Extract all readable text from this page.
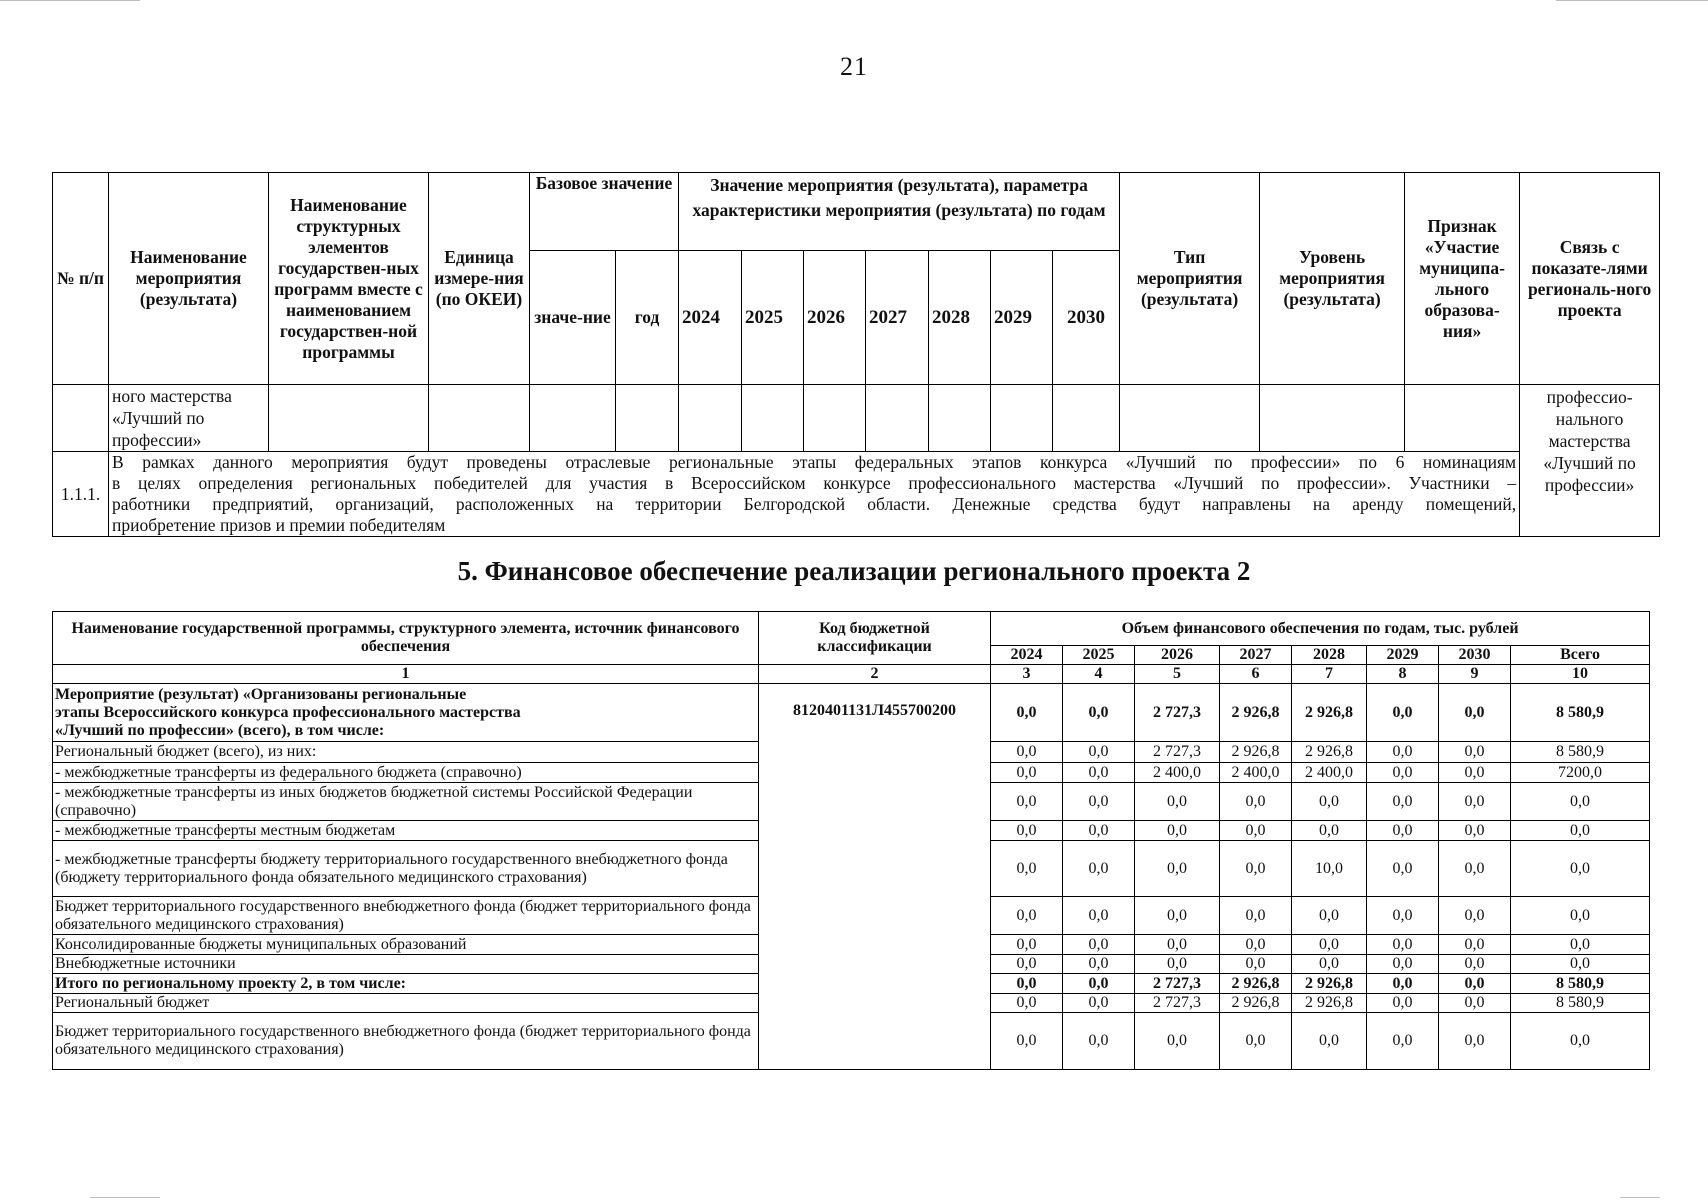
21
№ п/п	Наименование мероприятия (результата)	Наименование структурных элементов государствен-ных программ вместе с наименованием государствен-ной программы	Единица измере-ния (по ОКЕИ)	Базовое значение		Значение мероприятия (результата), параметра характеристики мероприятия (результата) по годам							Тип мероприятия (результата)	Уровень мероприятия (результата)	Признак «Участие муниципа-льного образова-ния»	Связь с показате-лями региональ-ного проекта
				значе-ние	год	2024	2025	2026	2027	2028	2029	2030				
	ного мастерства «Лучший по профессии»															профессио-нального мастерства «Лучший по профессии»
1.1.1.	В рамках данного мероприятия будут проведены отраслевые региональные этапы федеральных этапов конкурса «Лучший по профессии» по 6 номинациям
в целях определения региональных победителей для участия в Всероссийском конкурсе профессионального мастерства «Лучший по профессии». Участники –
работники предприятий, организаций, расположенных на территории Белгородской области. Денежные средства будут направлены на аренду помещений,
приобретение призов и премии победителям															
5. Финансовое обеспечение реализации регионального проекта 2
Наименование государственной программы, структурного элемента, источник финансового обеспечения	Код бюджетной классификации	Объем финансового обеспечения по годам, тыс. рублей							
		2024	2025	2026	2027	2028	2029	2030	Всего
1	2	3	4	5	6	7	8	9	10
Мероприятие (результат) «Организованы региональные
этапы Всероссийского конкурса профессионального мастерства
«Лучший по профессии» (всего), в том числе:	8120401131Л455700200	0,0	0,0	2 727,3	2 926,8	2 926,8	0,0	0,0	8 580,9
Региональный бюджет (всего), из них:		0,0	0,0	2 727,3	2 926,8	2 926,8	0,0	0,0	8 580,9
- межбюджетные трансферты из федерального бюджета (справочно)		0,0	0,0	2 400,0	2 400,0	2 400,0	0,0	0,0	7200,0
- межбюджетные трансферты из иных бюджетов бюджетной системы Российской Федерации (справочно)		0,0	0,0	0,0	0,0	0,0	0,0	0,0	0,0
- межбюджетные трансферты местным бюджетам		0,0	0,0	0,0	0,0	0,0	0,0	0,0	0,0
- межбюджетные трансферты бюджету территориального государственного внебюджетного фонда (бюджету территориального фонда обязательного медицинского страхования)		0,0	0,0	0,0	0,0	10,0	0,0	0,0	0,0
Бюджет территориального государственного внебюджетного фонда (бюджет территориального фонда обязательного медицинского страхования)		0,0	0,0	0,0	0,0	0,0	0,0	0,0	0,0
Консолидированные бюджеты муниципальных образований		0,0	0,0	0,0	0,0	0,0	0,0	0,0	0,0
Внебюджетные источники		0,0	0,0	0,0	0,0	0,0	0,0	0,0	0,0
Итого по региональному проекту 2, в том числе:		0,0	0,0	2 727,3	2 926,8	2 926,8	0,0	0,0	8 580,9
Региональный бюджет		0,0	0,0	2 727,3	2 926,8	2 926,8	0,0	0,0	8 580,9
Бюджет территориального государственного внебюджетного фонда (бюджет территориального фонда обязательного медицинского страхования)		0,0	0,0	0,0	0,0	0,0	0,0	0,0	0,0
